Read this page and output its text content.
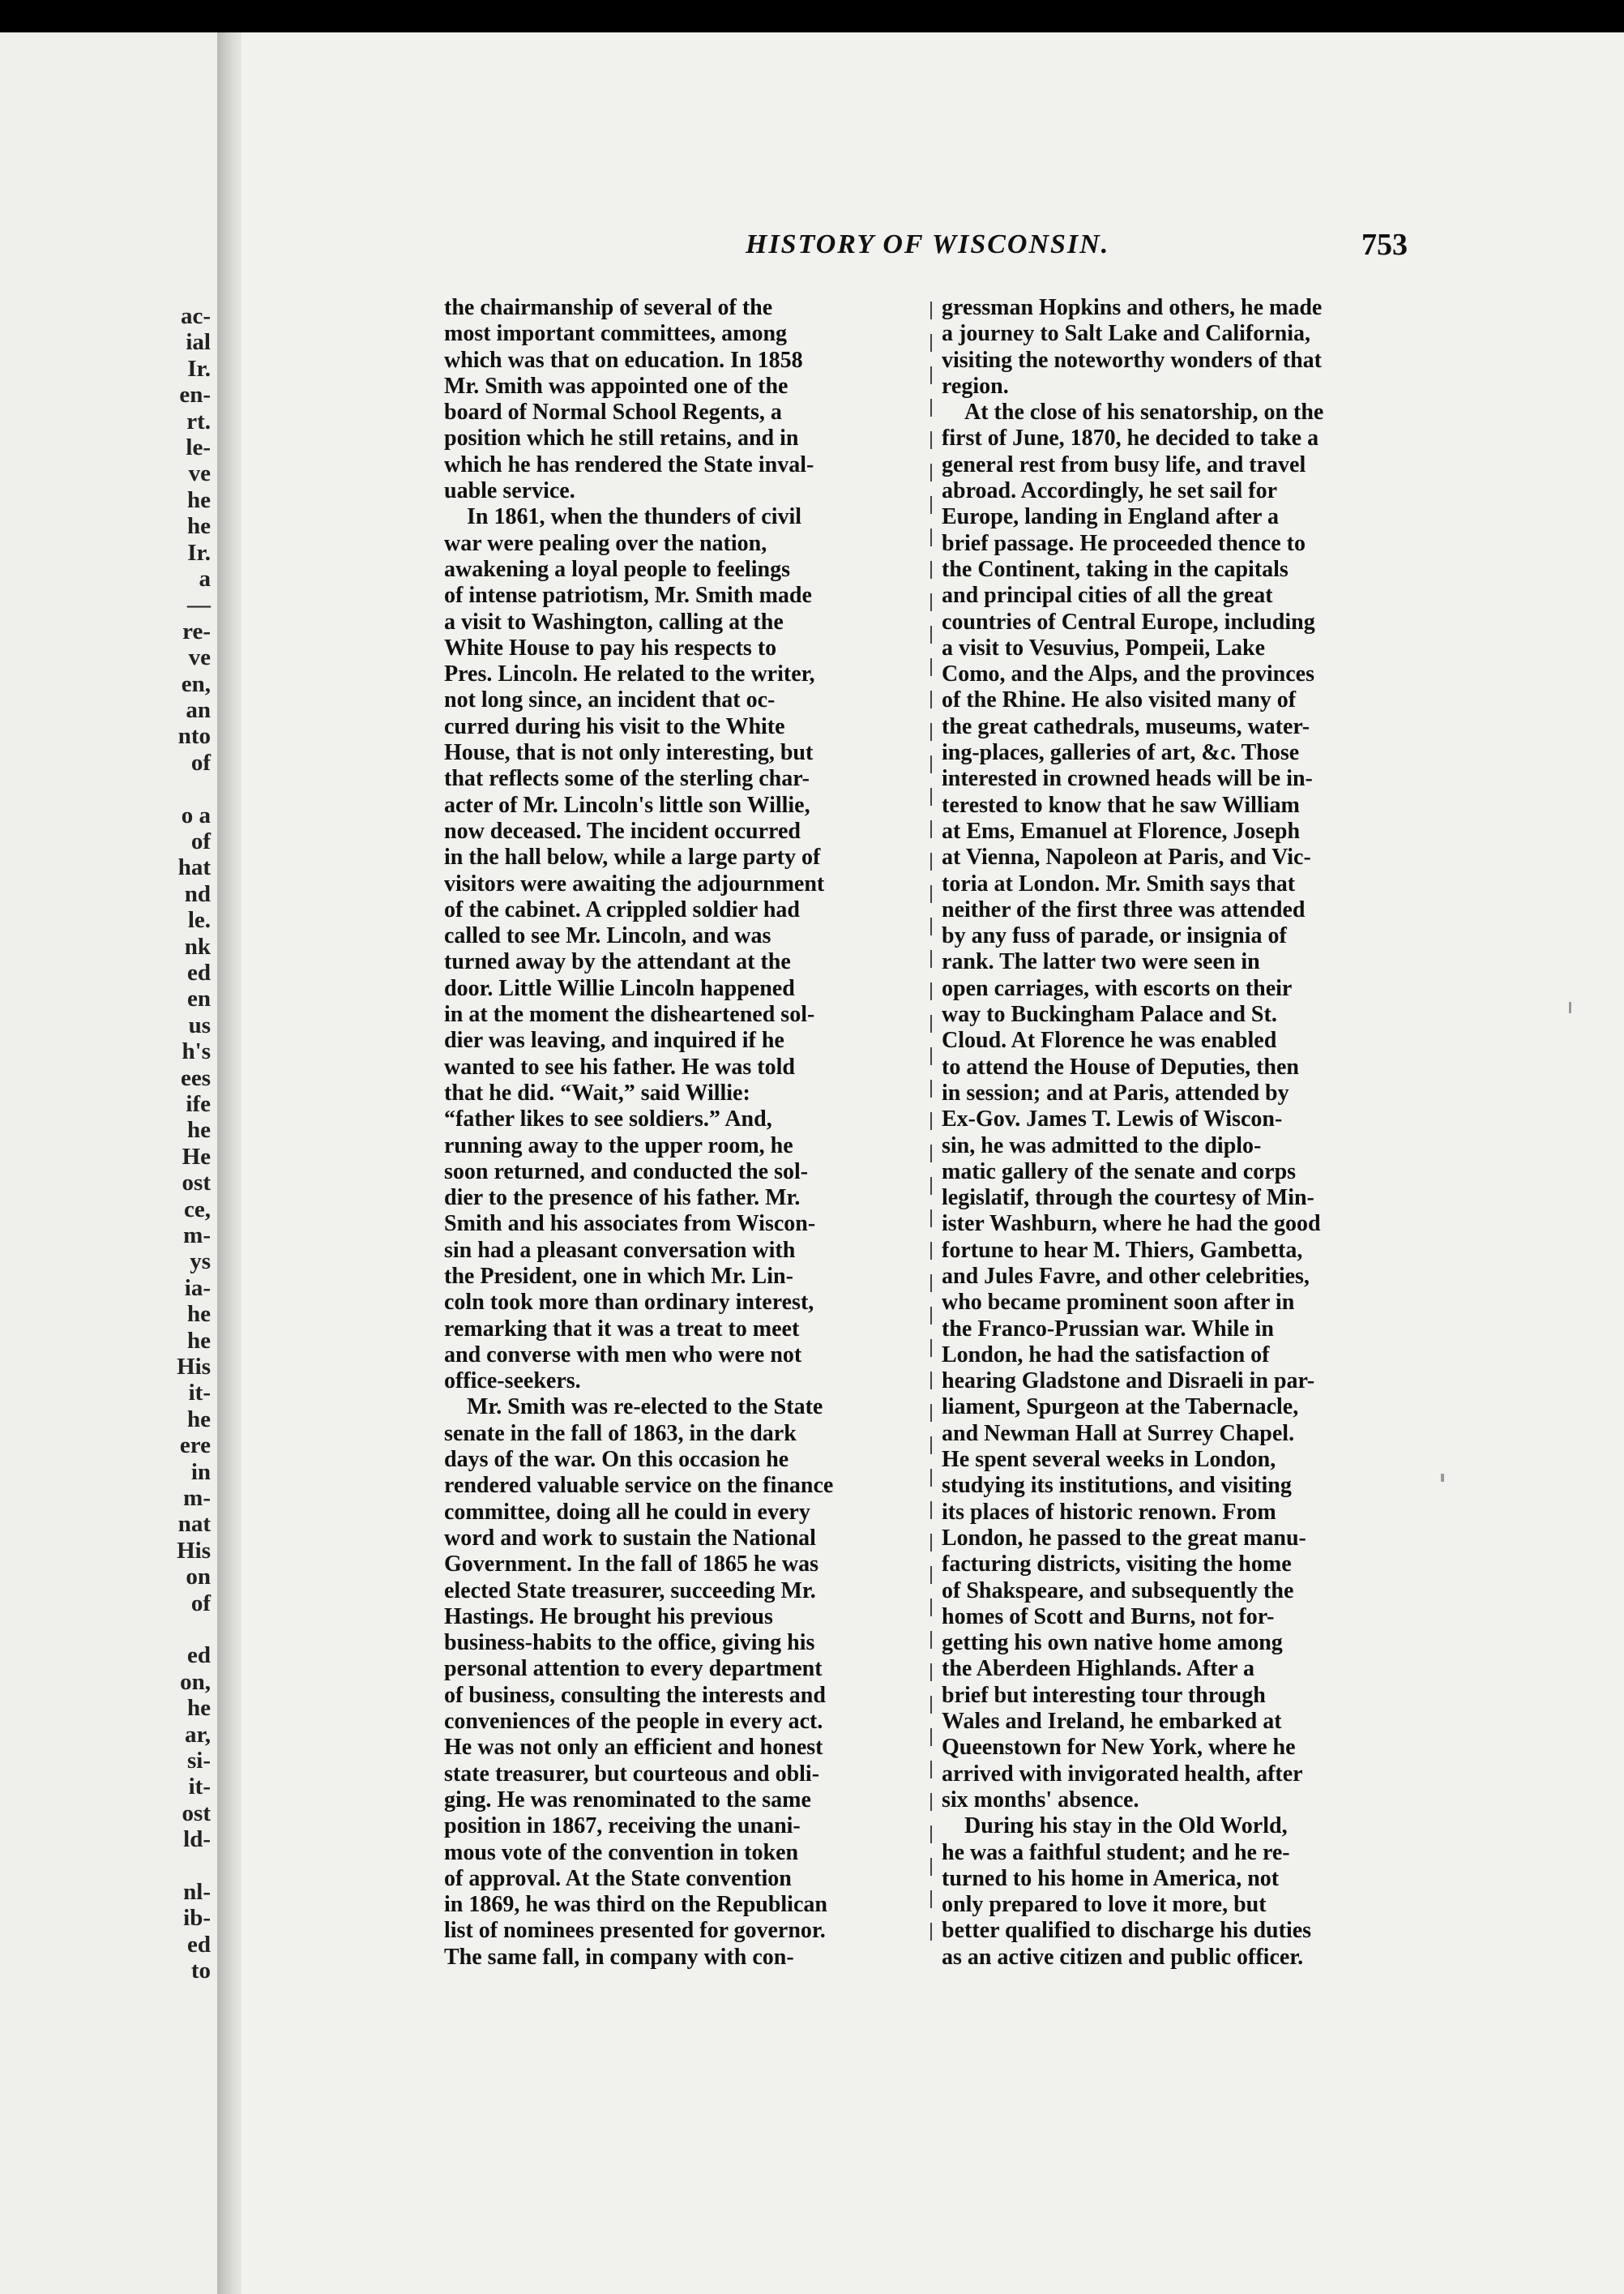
ac-
ial
Ir.
en-
rt.
le-
ve
he
he
Ir.
a
—
re-
ve
en,
an
nto
of
o a
of
hat
nd
le.
nk
ed
en
us
h's
ees
ife
he
He
ost
ce,
m-
ys
ia-
he
he
His
it-
he
ere
in
m-
nat
His
on
of
ed
on,
he
ar,
si-
it-
ost
ld-
nl-
ib-
ed
to
HISTORY OF WISCONSIN.	753
the chairmanship of several of the
most important committees, among
which was that on education. In 1858
Mr. Smith was appointed one of the
board of Normal School Regents, a
position which he still retains, and in
which he has rendered the State inval-
uable service.
In 1861, when the thunders of civil
war were pealing over the nation,
awakening a loyal people to feelings
of intense patriotism, Mr. Smith made
a visit to Washington, calling at the
White House to pay his respects to
Pres. Lincoln. He related to the writer,
not long since, an incident that oc-
curred during his visit to the White
House, that is not only interesting, but
that reflects some of the sterling char-
acter of Mr. Lincoln's little son Willie,
now deceased. The incident occurred
in the hall below, while a large party of
visitors were awaiting the adjournment
of the cabinet. A crippled soldier had
called to see Mr. Lincoln, and was
turned away by the attendant at the
door. Little Willie Lincoln happened
in at the moment the disheartened sol-
dier was leaving, and inquired if he
wanted to see his father. He was told
that he did. “Wait,” said Willie:
“father likes to see soldiers.” And,
running away to the upper room, he
soon returned, and conducted the sol-
dier to the presence of his father. Mr.
Smith and his associates from Wiscon-
sin had a pleasant conversation with
the President, one in which Mr. Lin-
coln took more than ordinary interest,
remarking that it was a treat to meet
and converse with men who were not
office-seekers.
Mr. Smith was re-elected to the State
senate in the fall of 1863, in the dark
days of the war. On this occasion he
rendered valuable service on the finance
committee, doing all he could in every
word and work to sustain the National
Government. In the fall of 1865 he was
elected State treasurer, succeeding Mr.
Hastings. He brought his previous
business-habits to the office, giving his
personal attention to every department
of business, consulting the interests and
conveniences of the people in every act.
He was not only an efficient and honest
state treasurer, but courteous and obli-
ging. He was renominated to the same
position in 1867, receiving the unani-
mous vote of the convention in token
of approval. At the State convention
in 1869, he was third on the Republican
list of nominees presented for governor.
The same fall, in company with con-
gressman Hopkins and others, he made
a journey to Salt Lake and California,
visiting the noteworthy wonders of that
region.
At the close of his senatorship, on the
first of June, 1870, he decided to take a
general rest from busy life, and travel
abroad. Accordingly, he set sail for
Europe, landing in England after a
brief passage. He proceeded thence to
the Continent, taking in the capitals
and principal cities of all the great
countries of Central Europe, including
a visit to Vesuvius, Pompeii, Lake
Como, and the Alps, and the provinces
of the Rhine. He also visited many of
the great cathedrals, museums, water-
ing-places, galleries of art, &c. Those
interested in crowned heads will be in-
terested to know that he saw William
at Ems, Emanuel at Florence, Joseph
at Vienna, Napoleon at Paris, and Vic-
toria at London. Mr. Smith says that
neither of the first three was attended
by any fuss of parade, or insignia of
rank. The latter two were seen in
open carriages, with escorts on their
way to Buckingham Palace and St.
Cloud. At Florence he was enabled
to attend the House of Deputies, then
in session; and at Paris, attended by
Ex-Gov. James T. Lewis of Wiscon-
sin, he was admitted to the diplo-
matic gallery of the senate and corps
legislatif, through the courtesy of Min-
ister Washburn, where he had the good
fortune to hear M. Thiers, Gambetta,
and Jules Favre, and other celebrities,
who became prominent soon after in
the Franco-Prussian war. While in
London, he had the satisfaction of
hearing Gladstone and Disraeli in par-
liament, Spurgeon at the Tabernacle,
and Newman Hall at Surrey Chapel.
He spent several weeks in London,
studying its institutions, and visiting
its places of historic renown. From
London, he passed to the great manu-
facturing districts, visiting the home
of Shakspeare, and subsequently the
homes of Scott and Burns, not for-
getting his own native home among
the Aberdeen Highlands. After a
brief but interesting tour through
Wales and Ireland, he embarked at
Queenstown for New York, where he
arrived with invigorated health, after
six months' absence.
During his stay in the Old World,
he was a faithful student; and he re-
turned to his home in America, not
only prepared to love it more, but
better qualified to discharge his duties
as an active citizen and public officer.
